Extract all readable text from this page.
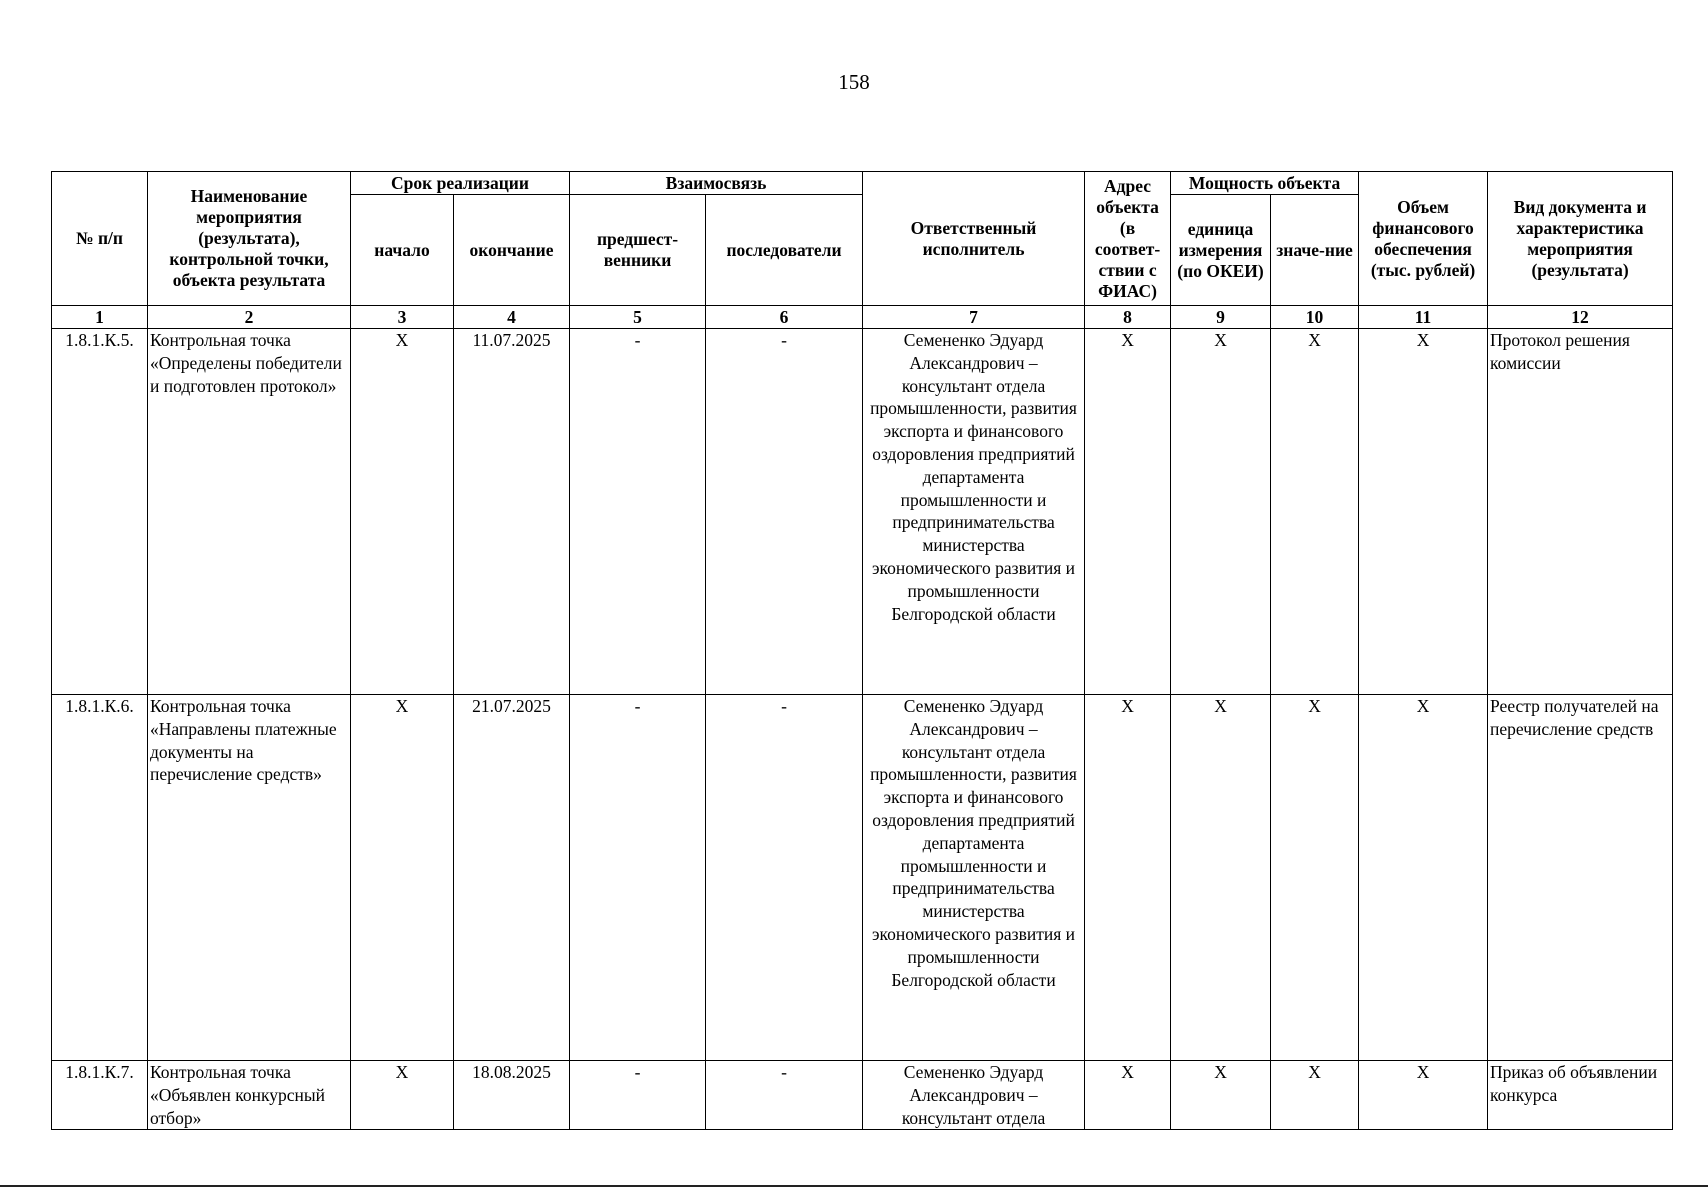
158
№ п/п	Наименование мероприятия (результата), контрольной точки, объекта результата	Срок реализации		Взаимосвязь		Ответственный исполнитель	Адрес объекта (в соответ-ствии с ФИАС)	Мощность объекта		Объем финансового обеспечения (тыс. рублей)	Вид документа и характеристика мероприятия (результата)
		начало	окончание	предшест-венники	последователи			единица измерения (по ОКЕИ)	значе-ние		
1	2	3	4	5	6	7	8	9	10	11	12
1.8.1.К.5.	Контрольная точка «Определены победители и подготовлен протокол»	X	11.07.2025	-	-	Семененко Эдуард Александрович – консультант отдела промышленности, развития экспорта и финансового оздоровления предприятий департамента промышленности и предпринимательства министерства экономического развития и промышленности Белгородской области	X	X	X	X	Протокол решения комиссии
1.8.1.К.6.	Контрольная точка «Направлены платежные документы на перечисление средств»	X	21.07.2025	-	-	Семененко Эдуард Александрович – консультант отдела промышленности, развития экспорта и финансового оздоровления предприятий департамента промышленности и предпринимательства министерства экономического развития и промышленности Белгородской области	X	X	X	X	Реестр получателей на перечисление средств
1.8.1.К.7.	Контрольная точка «Объявлен конкурсный отбор»	X	18.08.2025	-	-	Семененко Эдуард Александрович – консультант отдела	X	X	X	X	Приказ об объявлении конкурса
